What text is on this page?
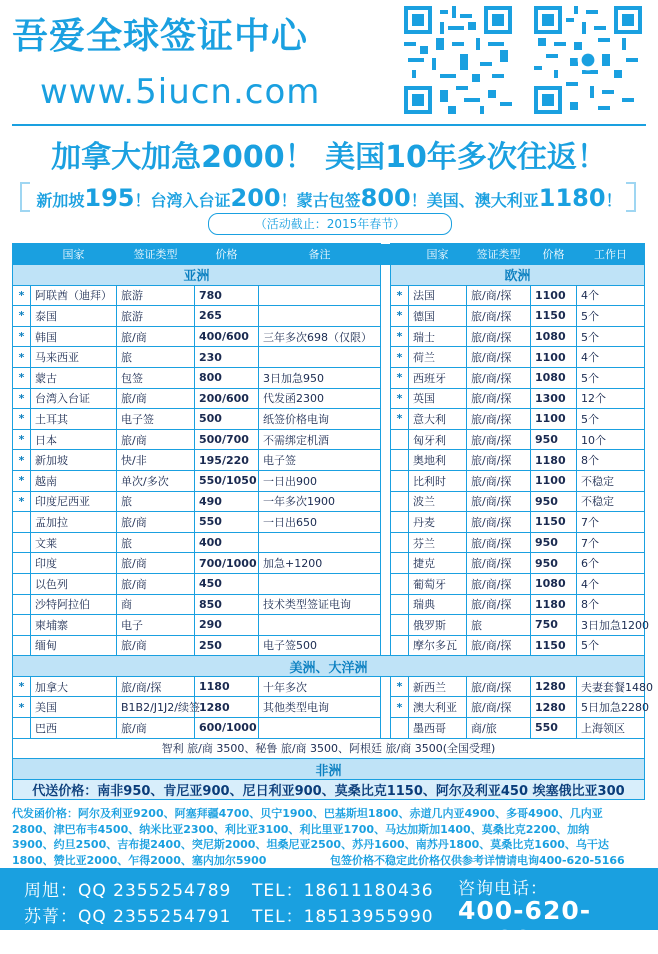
吾爱全球签证中心
www.5iucn.com
加拿大加急2000！ 美国10年多次往返！
新加坡195！台湾入台证200！蒙古包签800！美国、澳大利亚1180！
（活动截止：2015年春节）
	国家	签证类型	价格	备注			国家	签证类型	价格	工作日
亚洲						欧洲				
*	阿联酋（迪拜）	旅游	780			*	法国	旅/商/探	1100	4个
*	泰国	旅游	265			*	德国	旅/商/探	1150	5个
*	韩国	旅/商	400/600	三年多次698（仅限）		*	瑞士	旅/商/探	1080	5个
*	马来西亚	旅	230			*	荷兰	旅/商/探	1100	4个
*	蒙古	包签	800	3日加急950		*	西班牙	旅/商/探	1080	5个
*	台湾入台证	旅/商	200/600	代发函2300		*	英国	旅/商/探	1300	12个
*	土耳其	电子签	500	纸签价格电询		*	意大利	旅/商/探	1100	5个
*	日本	旅/商	500/700	不需绑定机酒			匈牙利	旅/商/探	950	10个
*	新加坡	快/非	195/220	电子签			奥地利	旅/商/探	1180	8个
*	越南	单次/多次	550/1050	一日出900			比利时	旅/商/探	1100	不稳定
*	印度尼西亚	旅	490	一年多次1900			波兰	旅/商/探	950	不稳定
	孟加拉	旅/商	550	一日出650			丹麦	旅/商/探	1150	7个
	文莱	旅	400				芬兰	旅/商/探	950	7个
	印度	旅/商	700/1000	加急+1200			捷克	旅/商/探	950	6个
	以色列	旅/商	450				葡萄牙	旅/商/探	1080	4个
	沙特阿拉伯	商	850	技术类型签证电询			瑞典	旅/商/探	1180	8个
	柬埔寨	电子	290				俄罗斯	旅	750	3日加急1200
	缅甸	旅/商	250	电子签500			摩尔多瓦	旅/商/探	1150	5个
美洲、大洋洲										
*	加拿大	旅/商/探	1180	十年多次		*	新西兰	旅/商/探	1280	夫妻套餐1480
*	美国	B1B2/J1J2/续签	1280	其他类型电询		*	澳大利亚	旅/商/探	1280	5日加急2280
	巴西	旅/商	600/1000				墨西哥	商/旅	550	上海领区
智利 旅/商 3500、秘鲁 旅/商 3500、阿根廷 旅/商 3500(全国受理)										
非洲										
代送价格：南非950、肯尼亚900、尼日利亚900、莫桑比克1150、阿尔及利亚450 埃塞俄比亚300										
代发函价格：阿尔及利亚9200、阿塞拜疆4700、贝宁1900、巴基斯坦1800、赤道几内亚4900、多哥4900、几内亚2800、津巴布韦4500、纳米比亚2300、利比亚3100、利比里亚1700、马达加斯加1400、莫桑比克2200、加纳3900、约旦2500、吉布提2400、突尼斯2000、坦桑尼亚2500、苏丹1600、南苏丹1800、莫桑比克1600、乌干达1800、赞比亚2000、乍得2000、塞内加尔5900	包签价格不稳定此价格仅供参考详情请电询400-620-5166
周旭：QQ 2355254789 TEL：18611180436
苏菁：QQ 2355254791 TEL：18513955990
咨询电话：
400-620-5166
